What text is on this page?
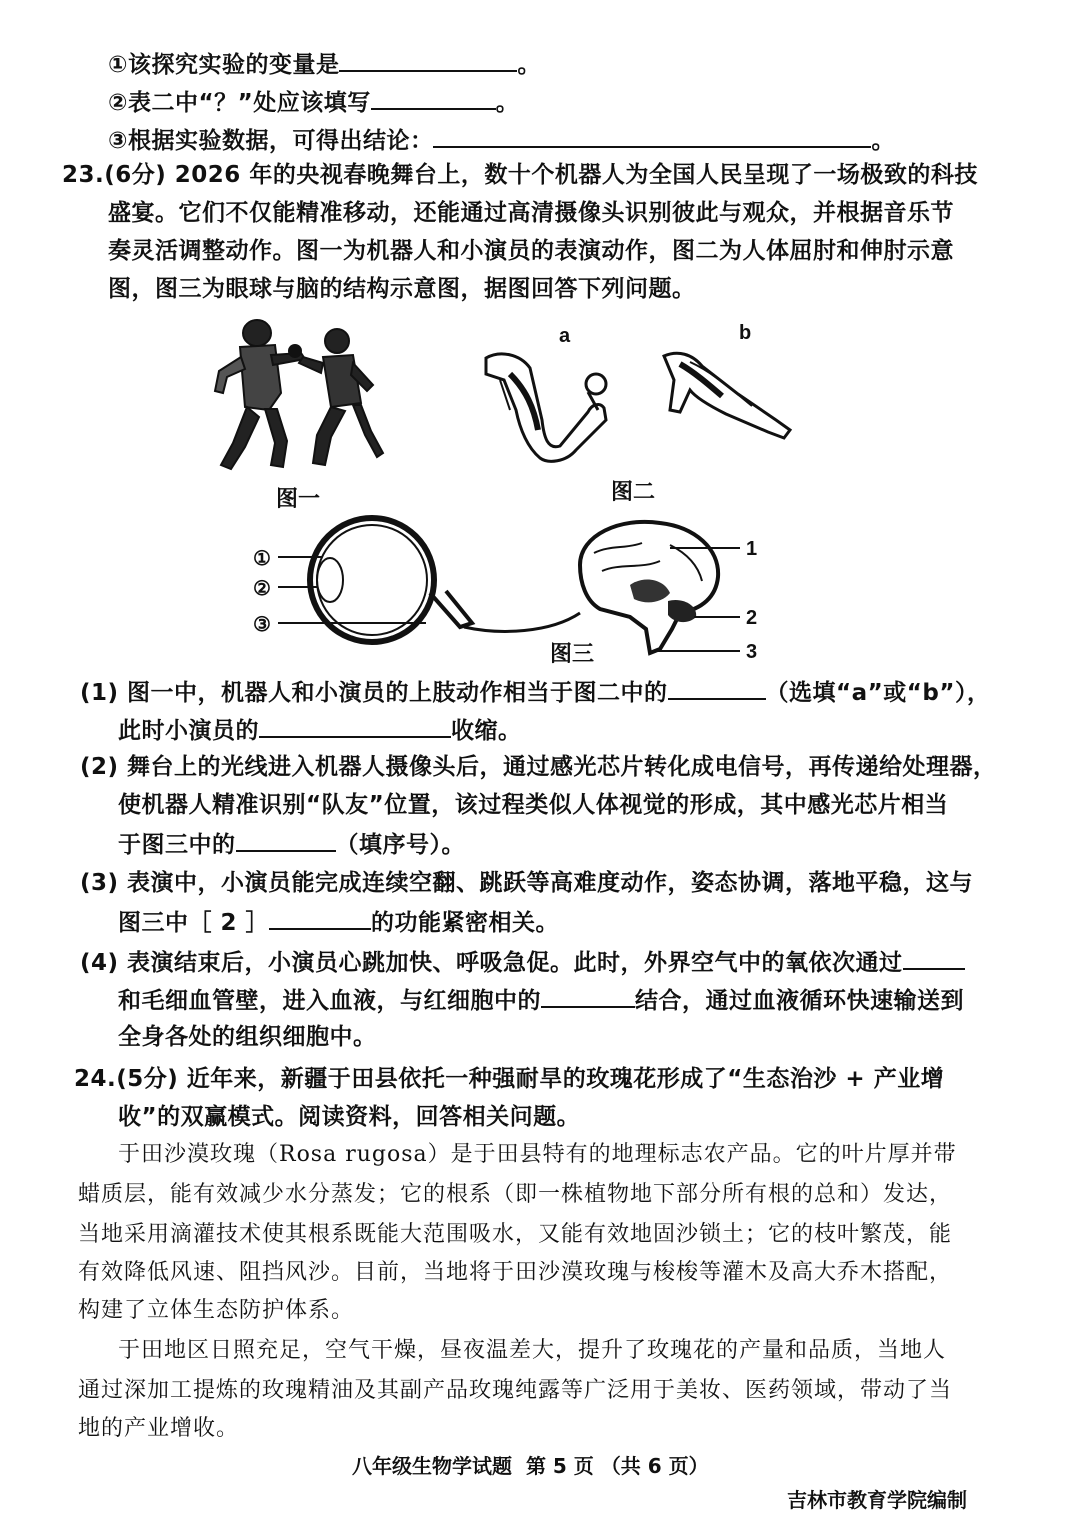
①该探究实验的变量是	。
②表二中“？”处应该填写	。
③根据实验数据，可得出结论：	。
23.(6分) 2026 年的央视春晚舞台上，数十个机器人为全国人民呈现了一场极致的科技
盛宴。它们不仅能精准移动，还能通过高清摄像头识别彼此与观众，并根据音乐节
奏灵活调整动作。图一为机器人和小演员的表演动作，图二为人体屈肘和伸肘示意
图，图三为眼球与脑的结构示意图，据图回答下列问题。
图一
a	b
图二
①
②
③
1
2
3
图三
(1) 图一中，机器人和小演员的上肢动作相当于图二中的	（选填“a”或“b”），
此时小演员的	收缩。
(2) 舞台上的光线进入机器人摄像头后，通过感光芯片转化成电信号，再传递给处理器，
使机器人精准识别“队友”位置，该过程类似人体视觉的形成，其中感光芯片相当
于图三中的	（填序号）。
(3) 表演中，小演员能完成连续空翻、跳跃等高难度动作，姿态协调，落地平稳，这与
图三中［ 2 ］	的功能紧密相关。
(4) 表演结束后，小演员心跳加快、呼吸急促。此时，外界空气中的氧依次通过
和毛细血管壁，进入血液，与红细胞中的	结合，通过血液循环快速输送到
全身各处的组织细胞中。
24.(5分) 近年来，新疆于田县依托一种强耐旱的玫瑰花形成了“生态治沙 + 产业增
收”的双赢模式。阅读资料，回答相关问题。
于田沙漠玫瑰（Rosa rugosa）是于田县特有的地理标志农产品。它的叶片厚并带
蜡质层，能有效减少水分蒸发；它的根系（即一株植物地下部分所有根的总和）发达，
当地采用滴灌技术使其根系既能大范围吸水，又能有效地固沙锁土；它的枝叶繁茂，能
有效降低风速、阻挡风沙。目前，当地将于田沙漠玫瑰与梭梭等灌木及高大乔木搭配，
构建了立体生态防护体系。
于田地区日照充足，空气干燥，昼夜温差大，提升了玫瑰花的产量和品质，当地人
通过深加工提炼的玫瑰精油及其副产品玫瑰纯露等广泛用于美妆、医药领域，带动了当
地的产业增收。
八年级生物学试题 第 5 页 （共 6 页）
吉林市教育学院编制
